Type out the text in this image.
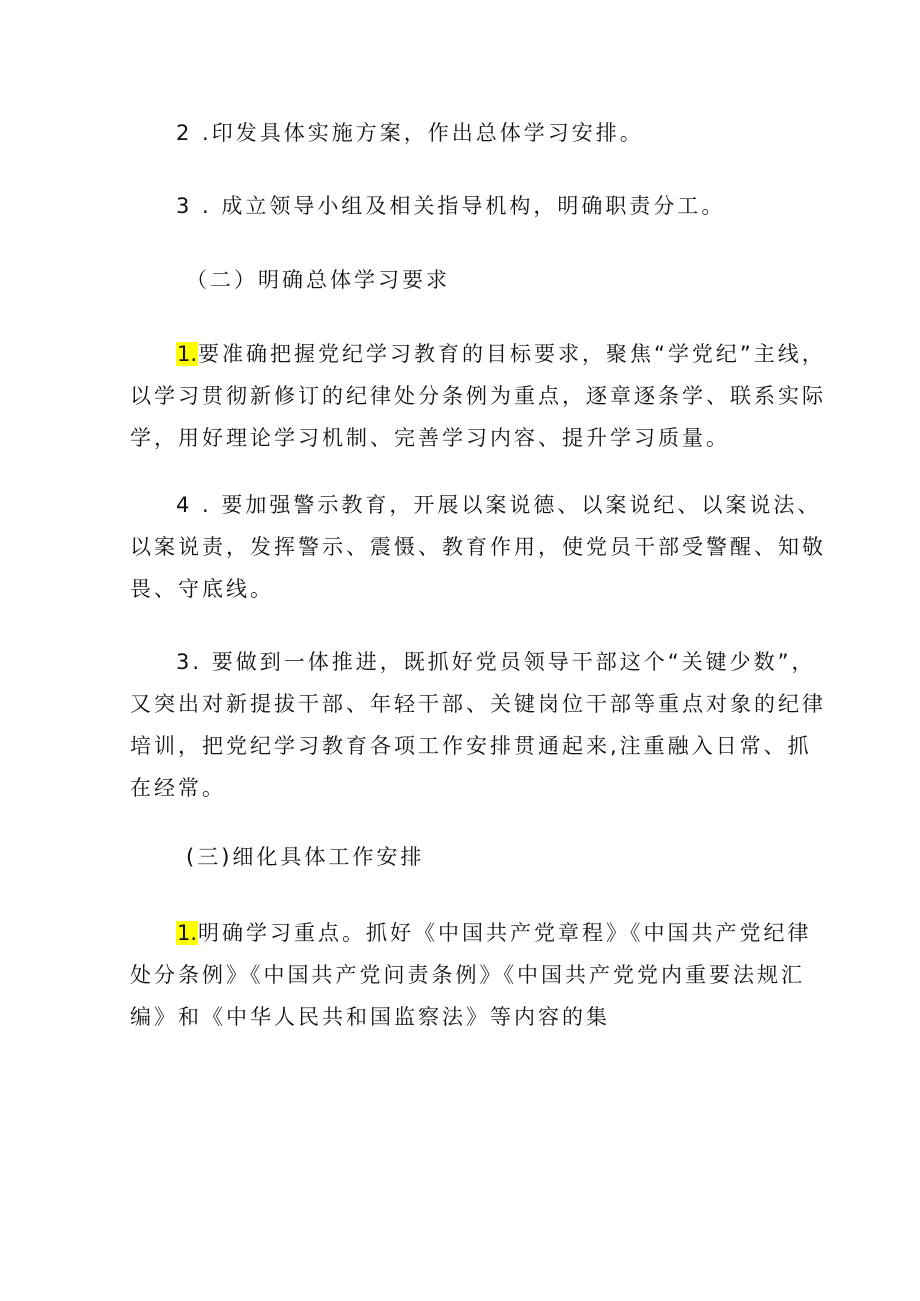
2 .印发具体实施方案，作出总体学习安排。
3 . 成立领导小组及相关指导机构，明确职责分工。
（二）明确总体学习要求
1.要准确把握党纪学习教育的目标要求，聚焦“学党纪”主线，
以学习贯彻新修订的纪律处分条例为重点，逐章逐条学、联系实际
学，用好理论学习机制、完善学习内容、提升学习质量。
4 . 要加强警示教育，开展以案说德、以案说纪、以案说法、
以案说责，发挥警示、震慑、教育作用，使党员干部受警醒、知敬
畏、守底线。
3. 要做到一体推进，既抓好党员领导干部这个“关键少数”，
又突出对新提拔干部、年轻干部、关键岗位干部等重点对象的纪律
培训，把党纪学习教育各项工作安排贯通起来,注重融入日常、抓
在经常。
(三)细化具体工作安排
1.明确学习重点。抓好《中国共产党章程》《中国共产党纪律
处分条例》《中国共产党问责条例》《中国共产党党内重要法规汇
编》和《中华人民共和国监察法》等内容的集
